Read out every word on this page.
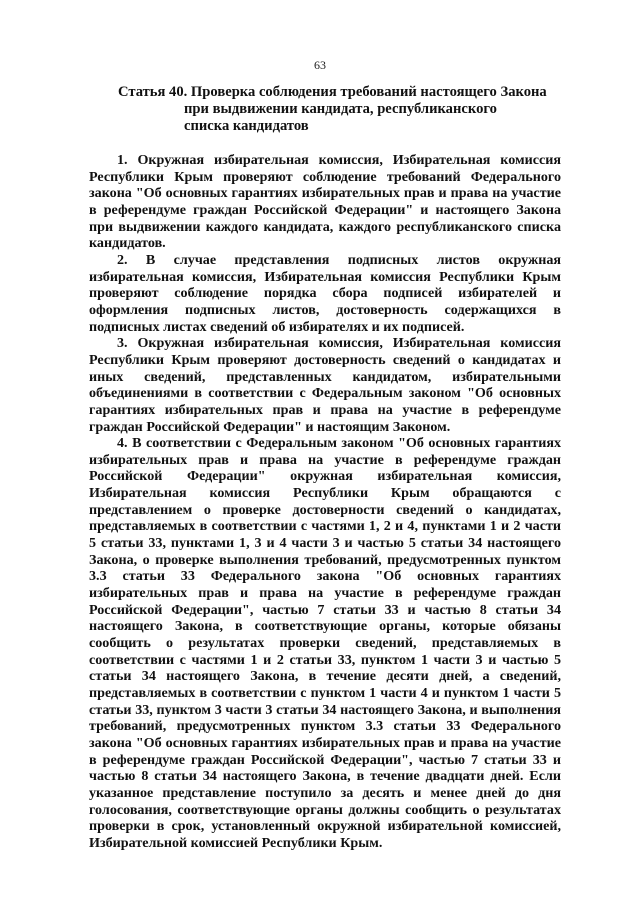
63
Статья 40. Проверка соблюдения требований настоящего Закона
при выдвижении кандидата, республиканского
списка кандидатов

1. Окружная избирательная комиссия, Избирательная комиссия Республики Крым проверяют соблюдение требований Федерального закона "Об основных гарантиях избирательных прав и права на участие в референдуме граждан Российской Федерации" и настоящего Закона при выдвижении каждого кандидата, каждого республиканского списка кандидатов.

2. В случае представления подписных листов окружная избирательная комиссия, Избирательная комиссия Республики Крым проверяют соблюдение порядка сбора подписей избирателей и оформления подписных листов, достоверность содержащихся в подписных листах сведений об избирателях и их подписей.

3. Окружная избирательная комиссия, Избирательная комиссия Республики Крым проверяют достоверность сведений о кандидатах и иных сведений, представленных кандидатом, избирательными объединениями в соответствии с Федеральным законом "Об основных гарантиях избирательных прав и права на участие в референдуме граждан Российской Федерации" и настоящим Законом.

4. В соответствии с Федеральным законом "Об основных гарантиях избирательных прав и права на участие в референдуме граждан Российской Федерации" окружная избирательная комиссия, Избирательная комиссия Республики Крым обращаются с представлением о проверке достоверности сведений о кандидатах, представляемых в соответствии с частями 1, 2 и 4, пунктами 1 и 2 части 5 статьи 33, пунктами 1, 3 и 4 части 3 и частью 5 статьи 34 настоящего Закона, о проверке выполнения требований, предусмотренных пунктом 3.3 статьи 33 Федерального закона "Об основных гарантиях избирательных прав и права на участие в референдуме граждан Российской Федерации", частью 7 статьи 33 и частью 8 статьи 34 настоящего Закона, в соответствующие органы, которые обязаны сообщить о результатах проверки сведений, представляемых в соответствии с частями 1 и 2 статьи 33, пунктом 1 части 3 и частью 5 статьи 34 настоящего Закона, в течение десяти дней, а сведений, представляемых в соответствии с пунктом 1 части 4 и пунктом 1 части 5 статьи 33, пунктом 3 части 3 статьи 34 настоящего Закона, и выполнения требований, предусмотренных пунктом 3.3 статьи 33 Федерального закона "Об основных гарантиях избирательных прав и права на участие в референдуме граждан Российской Федерации", частью 7 статьи 33 и частью 8 статьи 34 настоящего Закона, в течение двадцати дней. Если указанное представление поступило за десять и менее дней до дня голосования, соответствующие органы должны сообщить о результатах проверки в срок, установленный окружной избирательной комиссией, Избирательной комиссией Республики Крым.
